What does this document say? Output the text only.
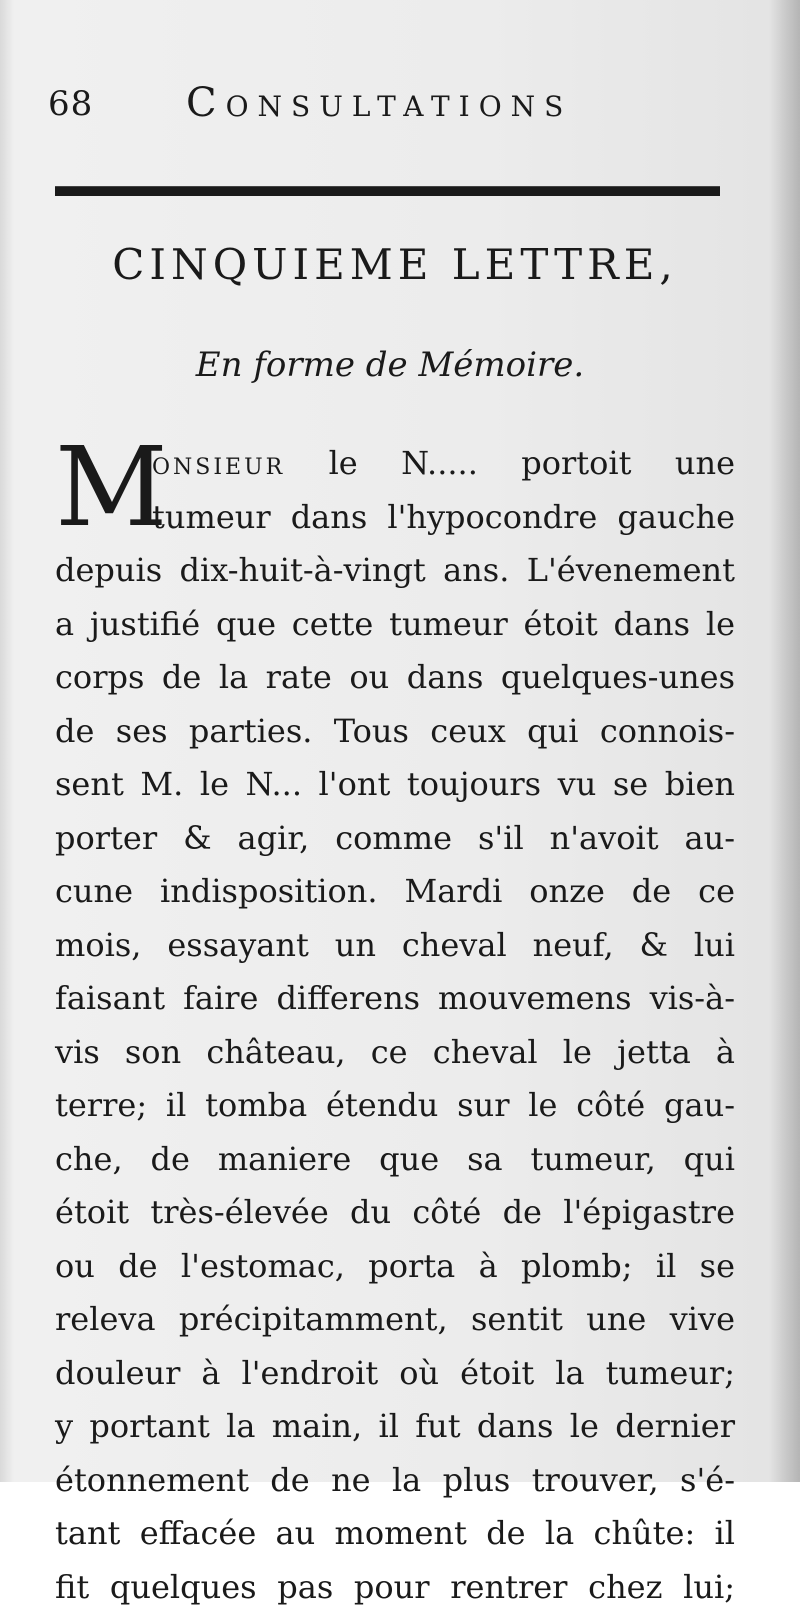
68 Consultations
CINQUIEME LETTRE,
En forme de Mémoire.
M
onsieur le N..... portoit une
tumeur dans l'hypocondre gauche
depuis dix-huit-à-vingt ans. L'évenement
a justifié que cette tumeur étoit dans le
corps de la rate ou dans quelques-unes
de ses parties. Tous ceux qui connois-
sent M. le N... l'ont toujours vu se bien
porter & agir, comme s'il n'avoit au-
cune indisposition. Mardi onze de ce
mois, essayant un cheval neuf, & lui
faisant faire differens mouvemens vis-à-
vis son château, ce cheval le jetta à
terre; il tomba étendu sur le côté gau-
che, de maniere que sa tumeur, qui
étoit très-élevée du côté de l'épigastre
ou de l'estomac, porta à plomb; il se
releva précipitamment, sentit une vive
douleur à l'endroit où étoit la tumeur;
y portant la main, il fut dans le dernier
étonnement de ne la plus trouver, s'é-
tant effacée au moment de la chûte: il
fit quelques pas pour rentrer chez lui;
